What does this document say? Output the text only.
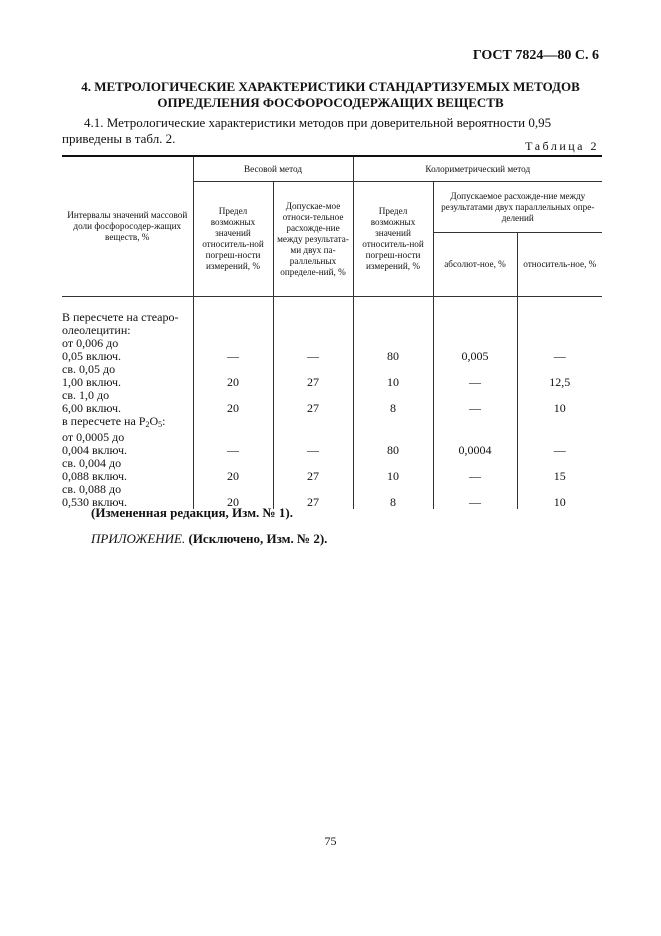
ГОСТ 7824—80 С. 6
4. МЕТРОЛОГИЧЕСКИЕ ХАРАКТЕРИСТИКИ СТАНДАРТИЗУЕМЫХ МЕТОДОВ
ОПРЕДЕЛЕНИЯ ФОСФОРОСОДЕРЖАЩИХ ВЕЩЕСТВ
4.1. Метрологические характеристики методов при доверительной вероятности 0,95 приведены в табл. 2.	Таблица 2
Интервалы значений массовой доли фосфоросодер-жащих веществ, %	Весовой метод		Колориметрический метод		
	Предел возможных значений относитель-ной погреш-ности измерений, %	Допускае-мое относи-тельное расхожде-ние между результата-ми двух па-раллельных определе-ний, %	Предел возможных значений относитель-ной погреш-ности измерений, %	Допускаемое расхожде-ние между результатами двух параллельных опре-делений	
				абсолют-ное, %	относитель-ное, %

В пересчете на стеаро-олеолецитин:					

от 0,006 до
0,05 включ.	—	—	80	0,005	—

св. 0,05 до
1,00 включ.	20	27	10	—	12,5

св. 1,0 до
6,00 включ.	20	27	8	—	10
в пересчете на $P_2O_5$:					

от 0,0005 до
0,004 включ.	—	—	80	0,0004	—

св. 0,004 до
0,088 включ.	20	27	10	—	15

св. 0,088 до
0,530 включ.	20	27	8	—	10
(Измененная редакция, Изм. № 1).
ПРИЛОЖЕНИЕ. (Исключено, Изм. № 2).
75
